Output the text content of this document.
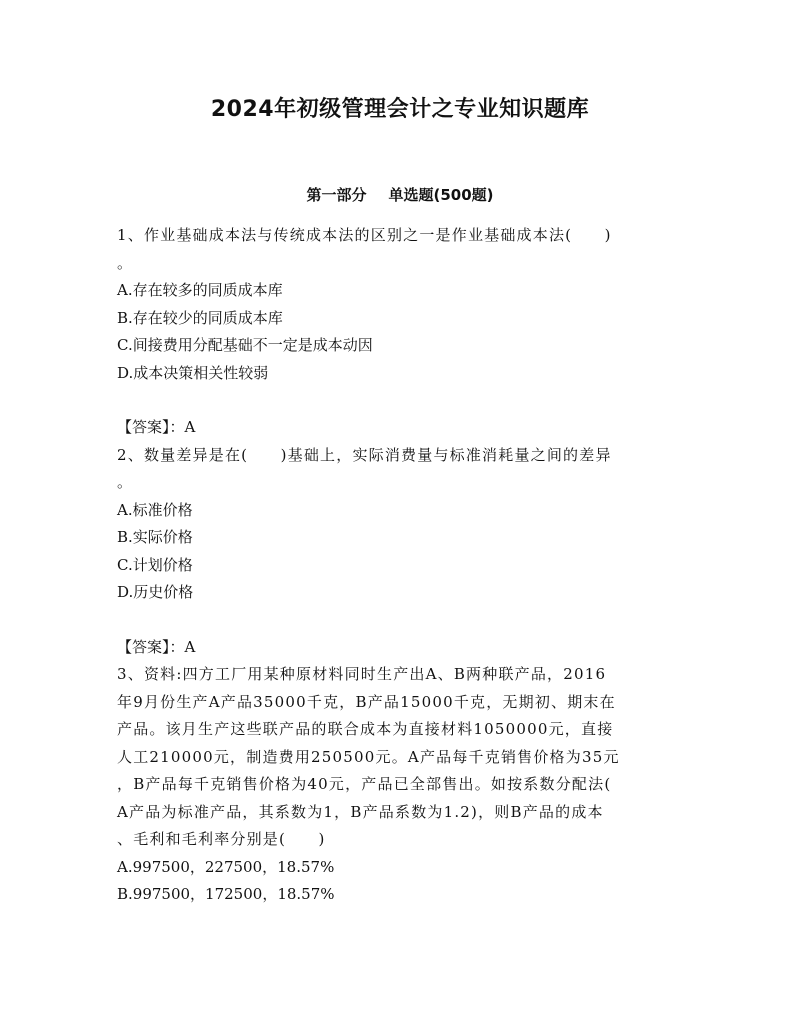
2024年初级管理会计之专业知识题库
第一部分 单选题(500题)
1、作业基础成本法与传统成本法的区别之一是作业基础成本法(　　)
。
A.存在较多的同质成本库
B.存在较少的同质成本库
C.间接费用分配基础不一定是成本动因
D.成本决策相关性较弱
【答案】：A
2、数量差异是在(　　)基础上，实际消费量与标准消耗量之间的差异
。
A.标准价格
B.实际价格
C.计划价格
D.历史价格
【答案】：A
3、资料:四方工厂用某种原材料同时生产出A、B两种联产品，2016
年9月份生产A产品35000千克，B产品15000千克，无期初、期末在
产品。该月生产这些联产品的联合成本为直接材料1050000元，直接
人工210000元，制造费用250500元。A产品每千克销售价格为35元
，B产品每千克销售价格为40元，产品已全部售出。如按系数分配法(
A产品为标准产品，其系数为1，B产品系数为1.2)，则B产品的成本
、毛利和毛利率分别是(　　)
A.997500，227500，18.57%
B.997500，172500，18.57%
